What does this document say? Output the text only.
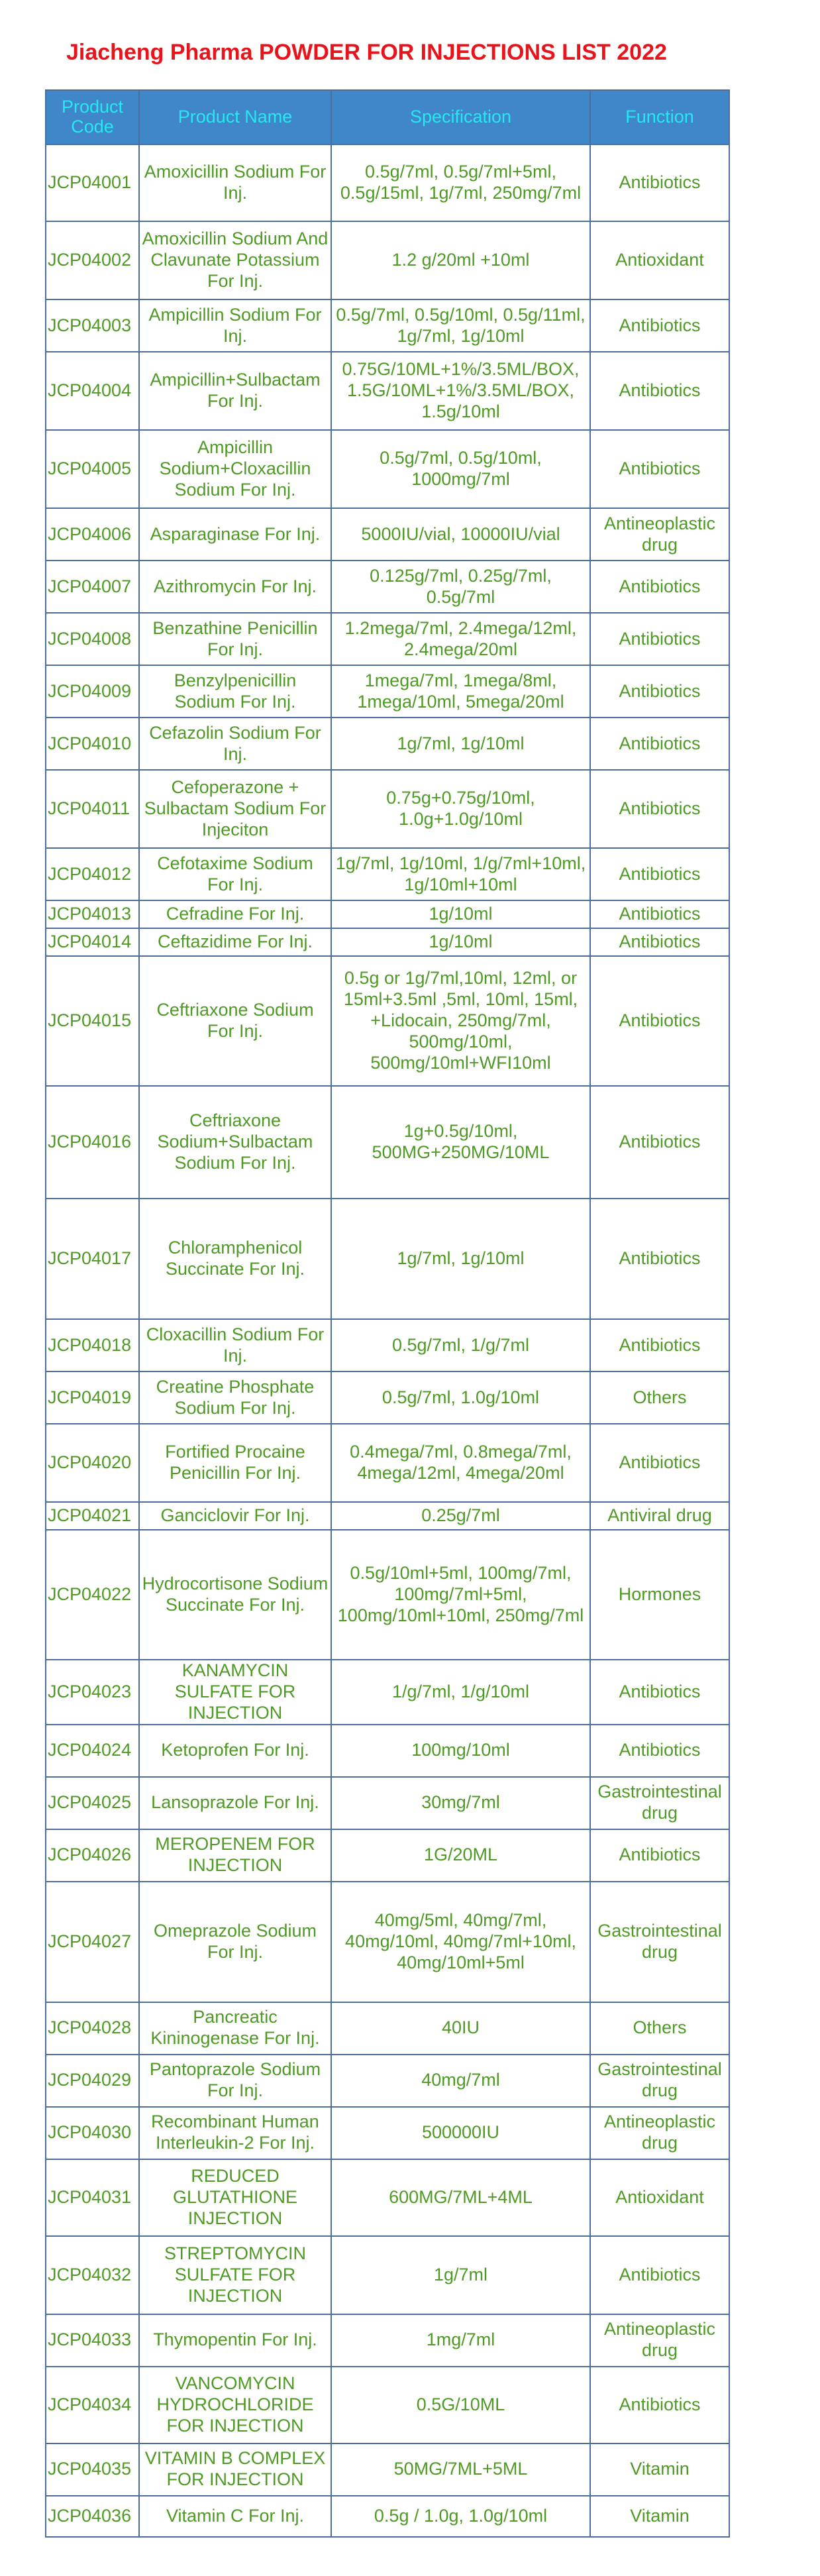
Jiacheng Pharma POWDER FOR INJECTIONS LIST 2022
Product Code	Product Name	Specification	Function
JCP04001	Amoxicillin Sodium For Inj.	0.5g/7ml, 0.5g/7ml+5ml, 0.5g/15ml, 1g/7ml, 250mg/7ml	Antibiotics
JCP04002	Amoxicillin Sodium And Clavunate Potassium For Inj.	1.2 g/20ml +10ml	Antioxidant
JCP04003	Ampicillin Sodium For Inj.	0.5g/7ml, 0.5g/10ml, 0.5g/11ml, 1g/7ml, 1g/10ml	Antibiotics
JCP04004	Ampicillin+Sulbactam For Inj.	0.75G/10ML+1%/3.5ML/BOX, 1.5G/10ML+1%/3.5ML/BOX, 1.5g/10ml	Antibiotics
JCP04005	Ampicillin Sodium+Cloxacillin Sodium For Inj.	0.5g/7ml, 0.5g/10ml, 1000mg/7ml	Antibiotics
JCP04006	Asparaginase For Inj.	5000IU/vial, 10000IU/vial	Antineoplastic drug
JCP04007	Azithromycin For Inj.	0.125g/7ml, 0.25g/7ml, 0.5g/7ml	Antibiotics
JCP04008	Benzathine Penicillin For Inj.	1.2mega/7ml, 2.4mega/12ml, 2.4mega/20ml	Antibiotics
JCP04009	Benzylpenicillin Sodium For Inj.	1mega/7ml, 1mega/8ml, 1mega/10ml, 5mega/20ml	Antibiotics
JCP04010	Cefazolin Sodium For Inj.	1g/7ml, 1g/10ml	Antibiotics
JCP04011	Cefoperazone + Sulbactam Sodium For Injeciton	0.75g+0.75g/10ml, 1.0g+1.0g/10ml	Antibiotics
JCP04012	Cefotaxime Sodium For Inj.	1g/7ml, 1g/10ml, 1/g/7ml+10ml, 1g/10ml+10ml	Antibiotics
JCP04013	Cefradine For Inj.	1g/10ml	Antibiotics
JCP04014	Ceftazidime For Inj.	1g/10ml	Antibiotics
JCP04015	Ceftriaxone Sodium For Inj.	0.5g or 1g/7ml,10ml, 12ml, or 15ml+3.5ml ,5ml, 10ml, 15ml, +Lidocain, 250mg/7ml, 500mg/10ml, 500mg/10ml+WFI10ml	Antibiotics
JCP04016	Ceftriaxone Sodium+Sulbactam Sodium For Inj.	1g+0.5g/10ml, 500MG+250MG/10ML	Antibiotics
JCP04017	Chloramphenicol Succinate For Inj.	1g/7ml, 1g/10ml	Antibiotics
JCP04018	Cloxacillin Sodium For Inj.	0.5g/7ml, 1/g/7ml	Antibiotics
JCP04019	Creatine Phosphate Sodium For Inj.	0.5g/7ml, 1.0g/10ml	Others
JCP04020	Fortified Procaine Penicillin For Inj.	0.4mega/7ml, 0.8mega/7ml, 4mega/12ml, 4mega/20ml	Antibiotics
JCP04021	Ganciclovir For Inj.	0.25g/7ml	Antiviral drug
JCP04022	Hydrocortisone Sodium Succinate For Inj.	0.5g/10ml+5ml, 100mg/7ml, 100mg/7ml+5ml, 100mg/10ml+10ml, 250mg/7ml	Hormones
JCP04023	KANAMYCIN SULFATE FOR INJECTION	1/g/7ml, 1/g/10ml	Antibiotics
JCP04024	Ketoprofen For Inj.	100mg/10ml	Antibiotics
JCP04025	Lansoprazole For Inj.	30mg/7ml	Gastrointestinal drug
JCP04026	MEROPENEM FOR INJECTION	1G/20ML	Antibiotics
JCP04027	Omeprazole Sodium For Inj.	40mg/5ml, 40mg/7ml, 40mg/10ml, 40mg/7ml+10ml, 40mg/10ml+5ml	Gastrointestinal drug
JCP04028	Pancreatic Kininogenase For Inj.	40IU	Others
JCP04029	Pantoprazole Sodium For Inj.	40mg/7ml	Gastrointestinal drug
JCP04030	Recombinant Human Interleukin-2 For Inj.	500000IU	Antineoplastic drug
JCP04031	REDUCED GLUTATHIONE INJECTION	600MG/7ML+4ML	Antioxidant
JCP04032	STREPTOMYCIN SULFATE FOR INJECTION	1g/7ml	Antibiotics
JCP04033	Thymopentin For Inj.	1mg/7ml	Antineoplastic drug
JCP04034	VANCOMYCIN HYDROCHLORIDE FOR INJECTION	0.5G/10ML	Antibiotics
JCP04035	VITAMIN B COMPLEX FOR INJECTION	50MG/7ML+5ML	Vitamin
JCP04036	Vitamin C For Inj.	0.5g / 1.0g, 1.0g/10ml	Vitamin
